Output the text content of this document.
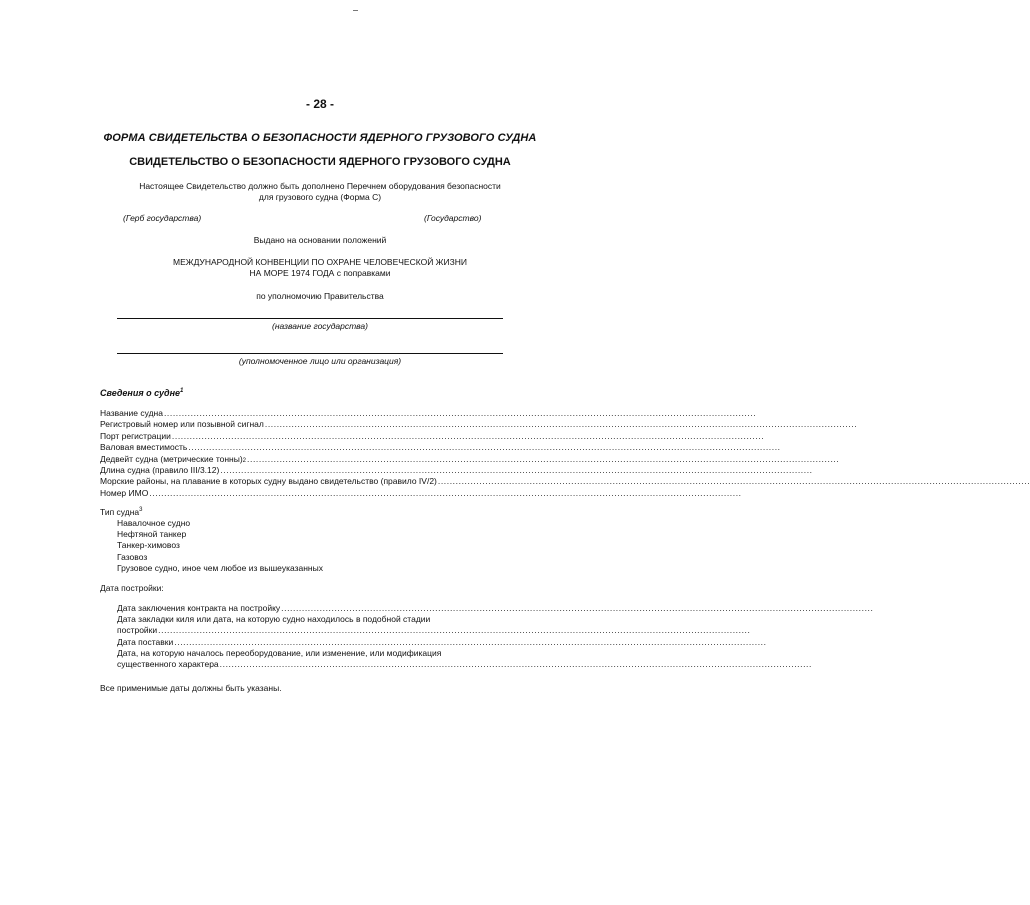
- 28 -
ФОРМА СВИДЕТЕЛЬСТВА О БЕЗОПАСНОСТИ ЯДЕРНОГО ГРУЗОВОГО СУДНА
СВИДЕТЕЛЬСТВО О БЕЗОПАСНОСТИ ЯДЕРНОГО ГРУЗОВОГО СУДНА
Настоящее Свидетельство должно быть дополнено Перечнем оборудования безопасности
для грузового судна (Форма С)
(Герб государства)	(Государство)
Выдано на основании положений
МЕЖДУНАРОДНОЙ КОНВЕНЦИИ ПО ОХРАНЕ ЧЕЛОВЕЧЕСКОЙ ЖИЗНИ
НА МОРЕ 1974 ГОДА с поправками
по уполномочию Правительства
(название государства)
(уполномоченное лицо или организация)
Сведения о судне$^1$
Название судна ........................................................................................................................................................................................................
Регистровый номер или позывной сигнал ........................................................................................................................................................................................................
Порт регистрации ........................................................................................................................................................................................................
Валовая вместимость ........................................................................................................................................................................................................
Дедвейт судна (метрические тонны) 2 ........................................................................................................................................................................................................
Длина судна (правило III/3.12) ........................................................................................................................................................................................................
Морские районы, на плавание в которых судну выдано свидетельство (правило IV/2) ........................................................................................................................................................................................................
Номер ИМО ........................................................................................................................................................................................................
Тип судна$^3$
Навалочное судно
Нефтяной танкер
Танкер-химовоз
Газовоз
Грузовое судно, иное чем любое из вышеуказанных
Дата постройки:
Дата заключения контракта на постройку ........................................................................................................................................................................................................
Дата закладки киля или дата, на которую судно находилось в подобной стадии
постройки ........................................................................................................................................................................................................
Дата поставки ........................................................................................................................................................................................................
Дата, на которую началось переоборудование, или изменение, или модификация
существенного характера ........................................................................................................................................................................................................
Все применимые даты должны быть указаны.
